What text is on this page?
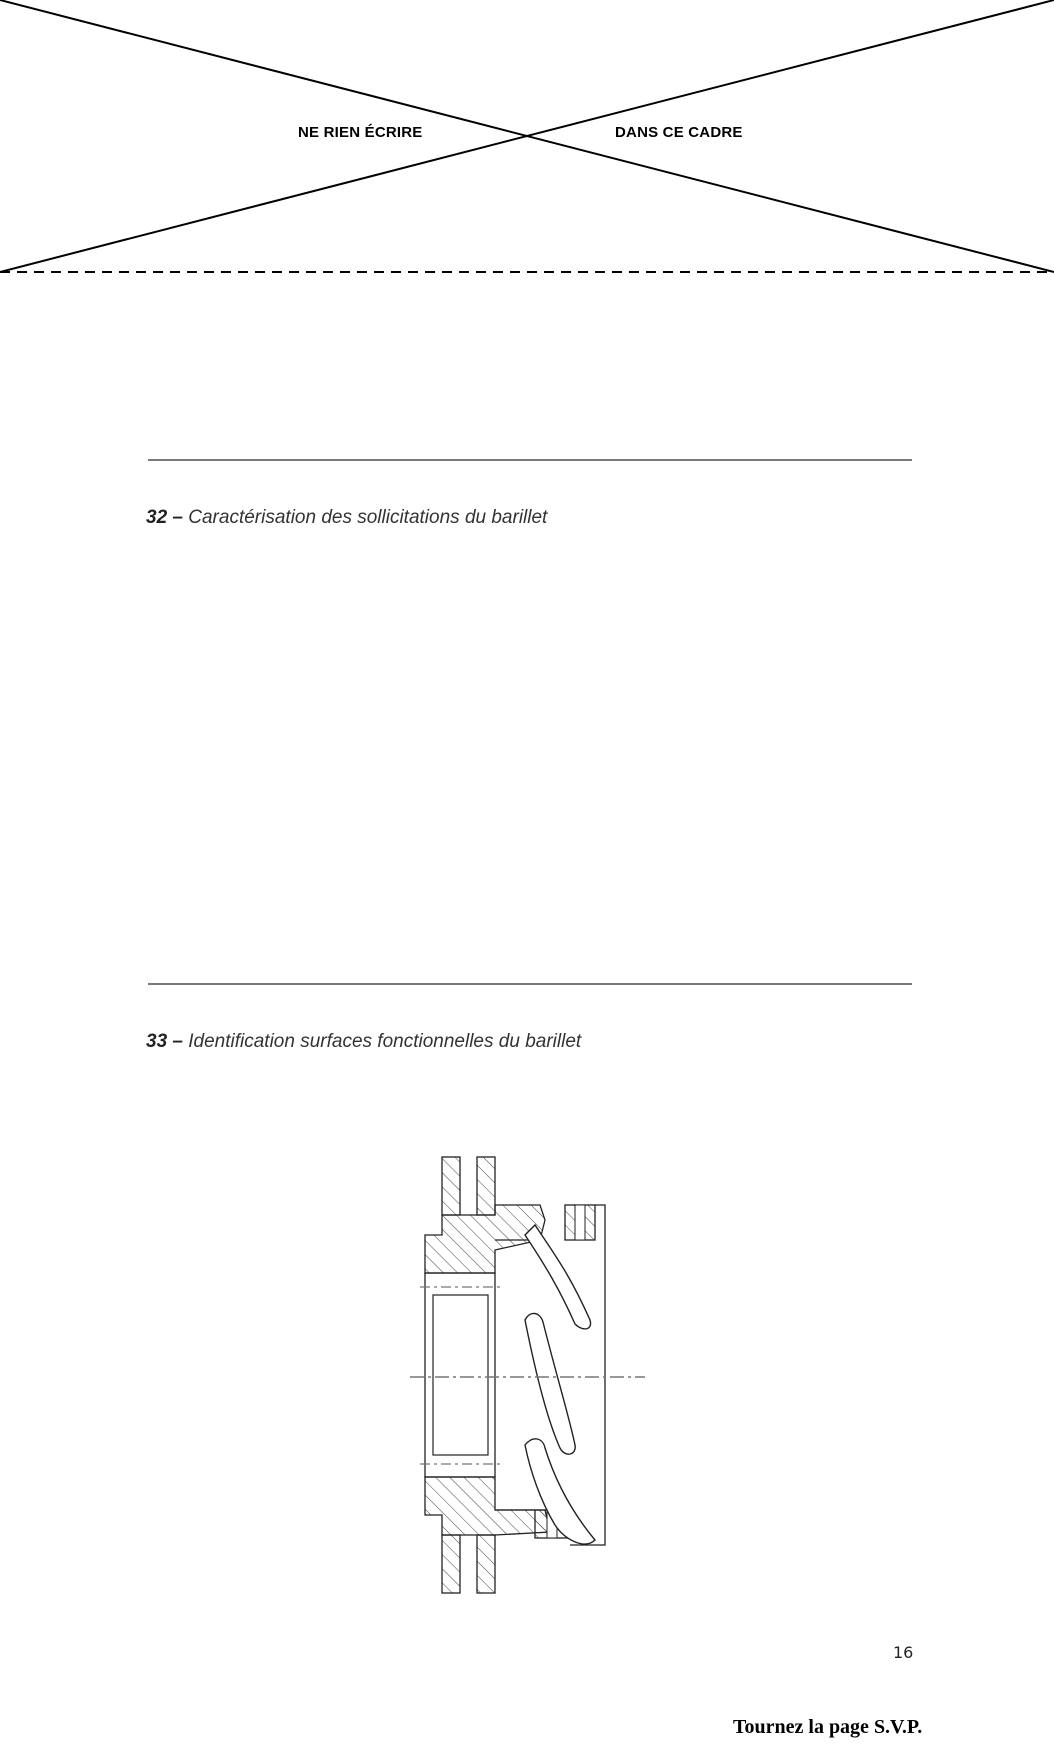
NE RIEN ÉCRIRE	DANS CE CADRE
32 – Caractérisation des sollicitations du barillet
33 – Identification surfaces fonctionnelles du barillet
16
Tournez la page S.V.P.
